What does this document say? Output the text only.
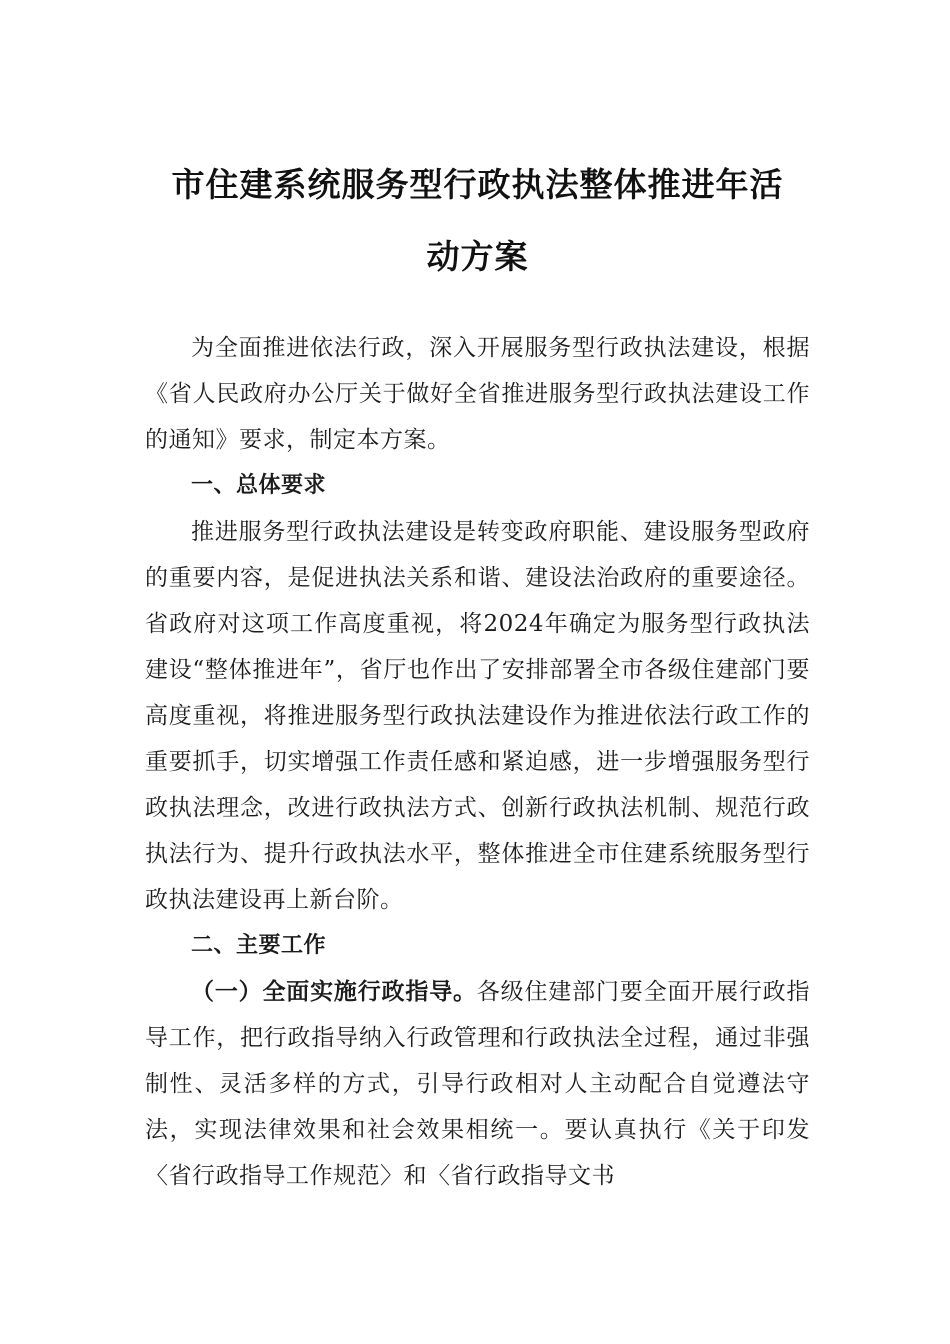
市住建系统服务型行政执法整体推进年活
动方案

为全面推进依法行政，深入开展服务型行政执法建设，根据《省人民政府办公厅关于做好全省推进服务型行政执法建设工作的通知》要求，制定本方案。

一、总体要求

推进服务型行政执法建设是转变政府职能、建设服务型政府的重要内容，是促进执法关系和谐、建设法治政府的重要途径。省政府对这项工作高度重视，将2024年确定为服务型行政执法建设“整体推进年”，省厅也作出了安排部署全市各级住建部门要高度重视，将推进服务型行政执法建设作为推进依法行政工作的重要抓手，切实增强工作责任感和紧迫感，进一步增强服务型行政执法理念，改进行政执法方式、创新行政执法机制、规范行政执法行为、提升行政执法水平，整体推进全市住建系统服务型行政执法建设再上新台阶。

二、主要工作

（一）全面实施行政指导。各级住建部门要全面开展行政指导工作，把行政指导纳入行政管理和行政执法全过程，通过非强制性、灵活多样的方式，引导行政相对人主动配合自觉遵法守法，实现法律效果和社会效果相统一。要认真执行《关于印发〈省行政指导工作规范〉和〈省行政指导文书
